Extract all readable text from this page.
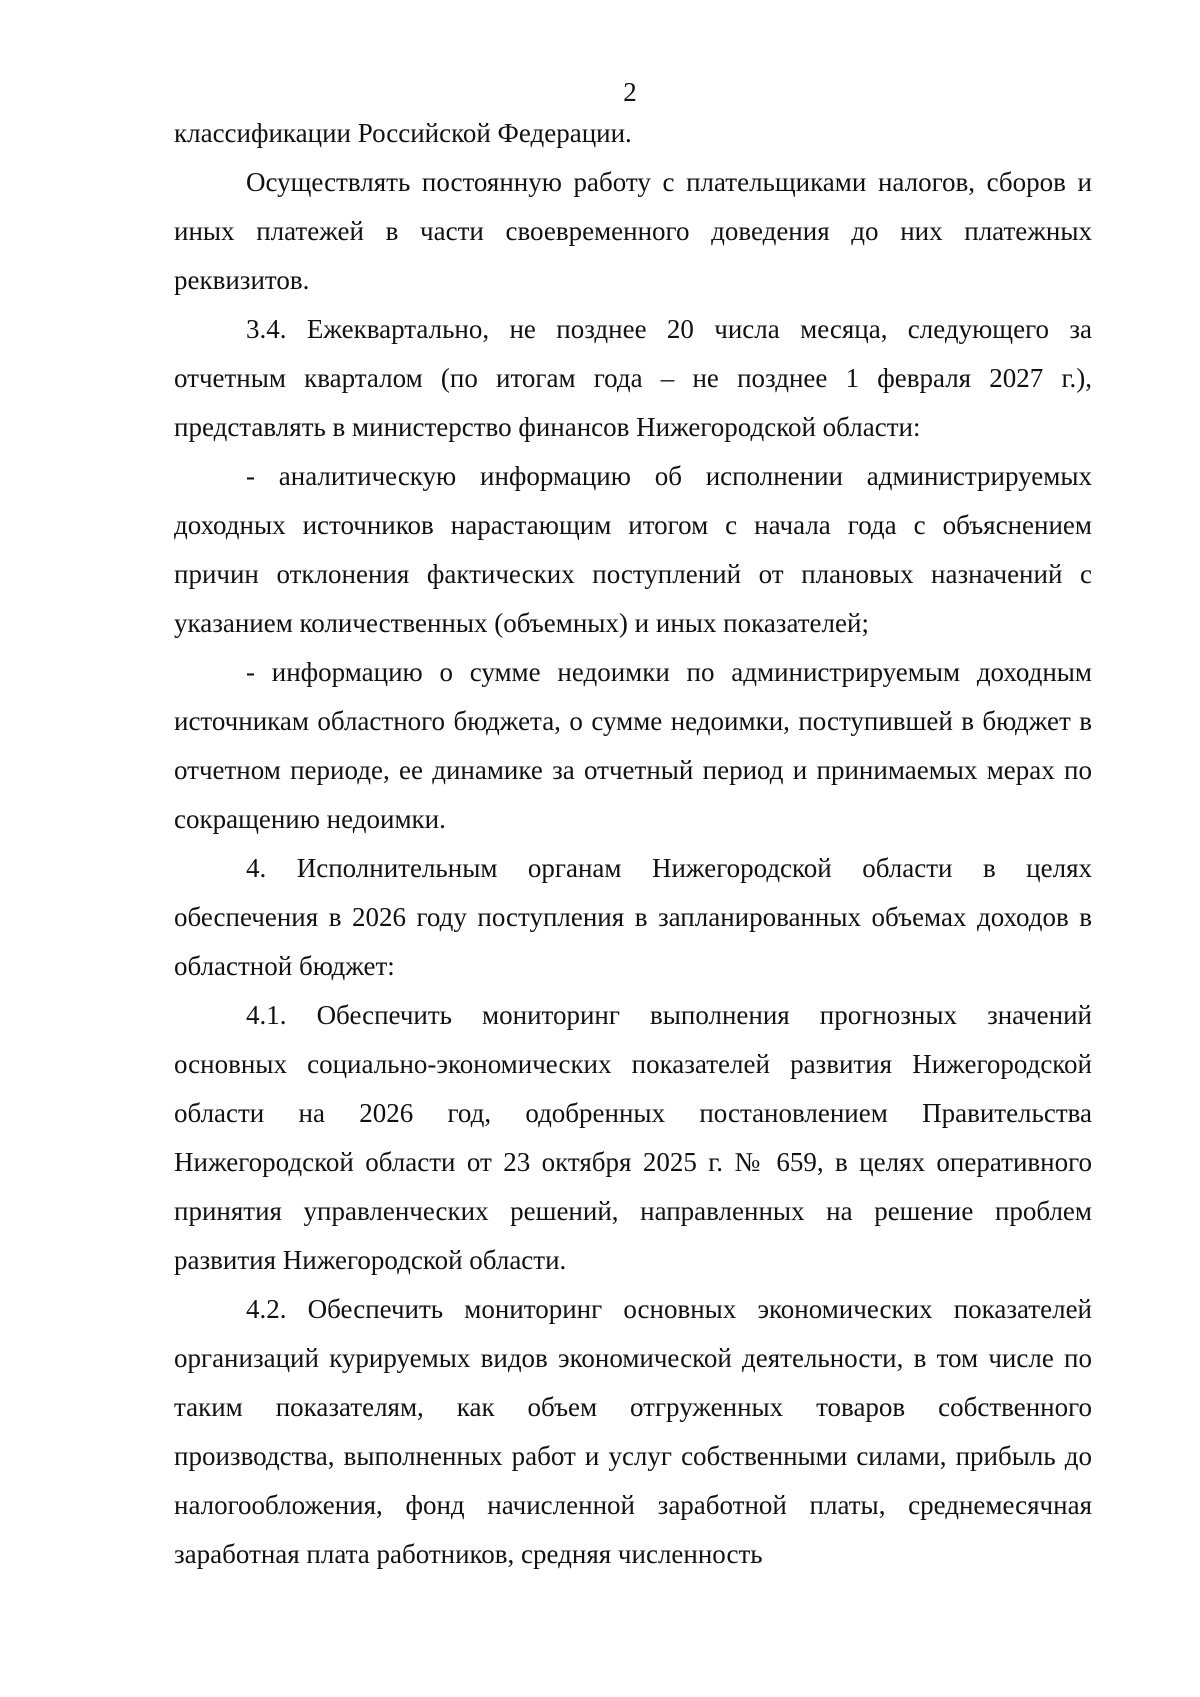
2

классификации Российской Федерации.

Осуществлять постоянную работу с плательщиками налогов, сборов и иных платежей в части своевременного доведения до них платежных реквизитов.

3.4. Ежеквартально, не позднее 20 числа месяца, следующего за отчетным кварталом (по итогам года – не позднее 1 февраля 2027 г.), представлять в министерство финансов Нижегородской области:

- аналитическую информацию об исполнении администрируемых доходных источников нарастающим итогом с начала года с объяснением причин отклонения фактических поступлений от плановых назначений с указанием количественных (объемных) и иных показателей;

- информацию о сумме недоимки по администрируемым доходным источникам областного бюджета, о сумме недоимки, поступившей в бюджет в отчетном периоде, ее динамике за отчетный период и принимаемых мерах по сокращению недоимки.

4. Исполнительным органам Нижегородской области в целях обеспечения в 2026 году поступления в запланированных объемах доходов в областной бюджет:

4.1. Обеспечить мониторинг выполнения прогнозных значений основных социально-экономических показателей развития Нижегородской области на 2026 год, одобренных постановлением Правительства Нижегородской области от 23 октября 2025 г. № 659, в целях оперативного принятия управленческих решений, направленных на решение проблем развития Нижегородской области.

4.2. Обеспечить мониторинг основных экономических показателей организаций курируемых видов экономической деятельности, в том числе по таким показателям, как объем отгруженных товаров собственного производства, выполненных работ и услуг собственными силами, прибыль до налогообложения, фонд начисленной заработной платы, среднемесячная заработная плата работников, средняя численность
